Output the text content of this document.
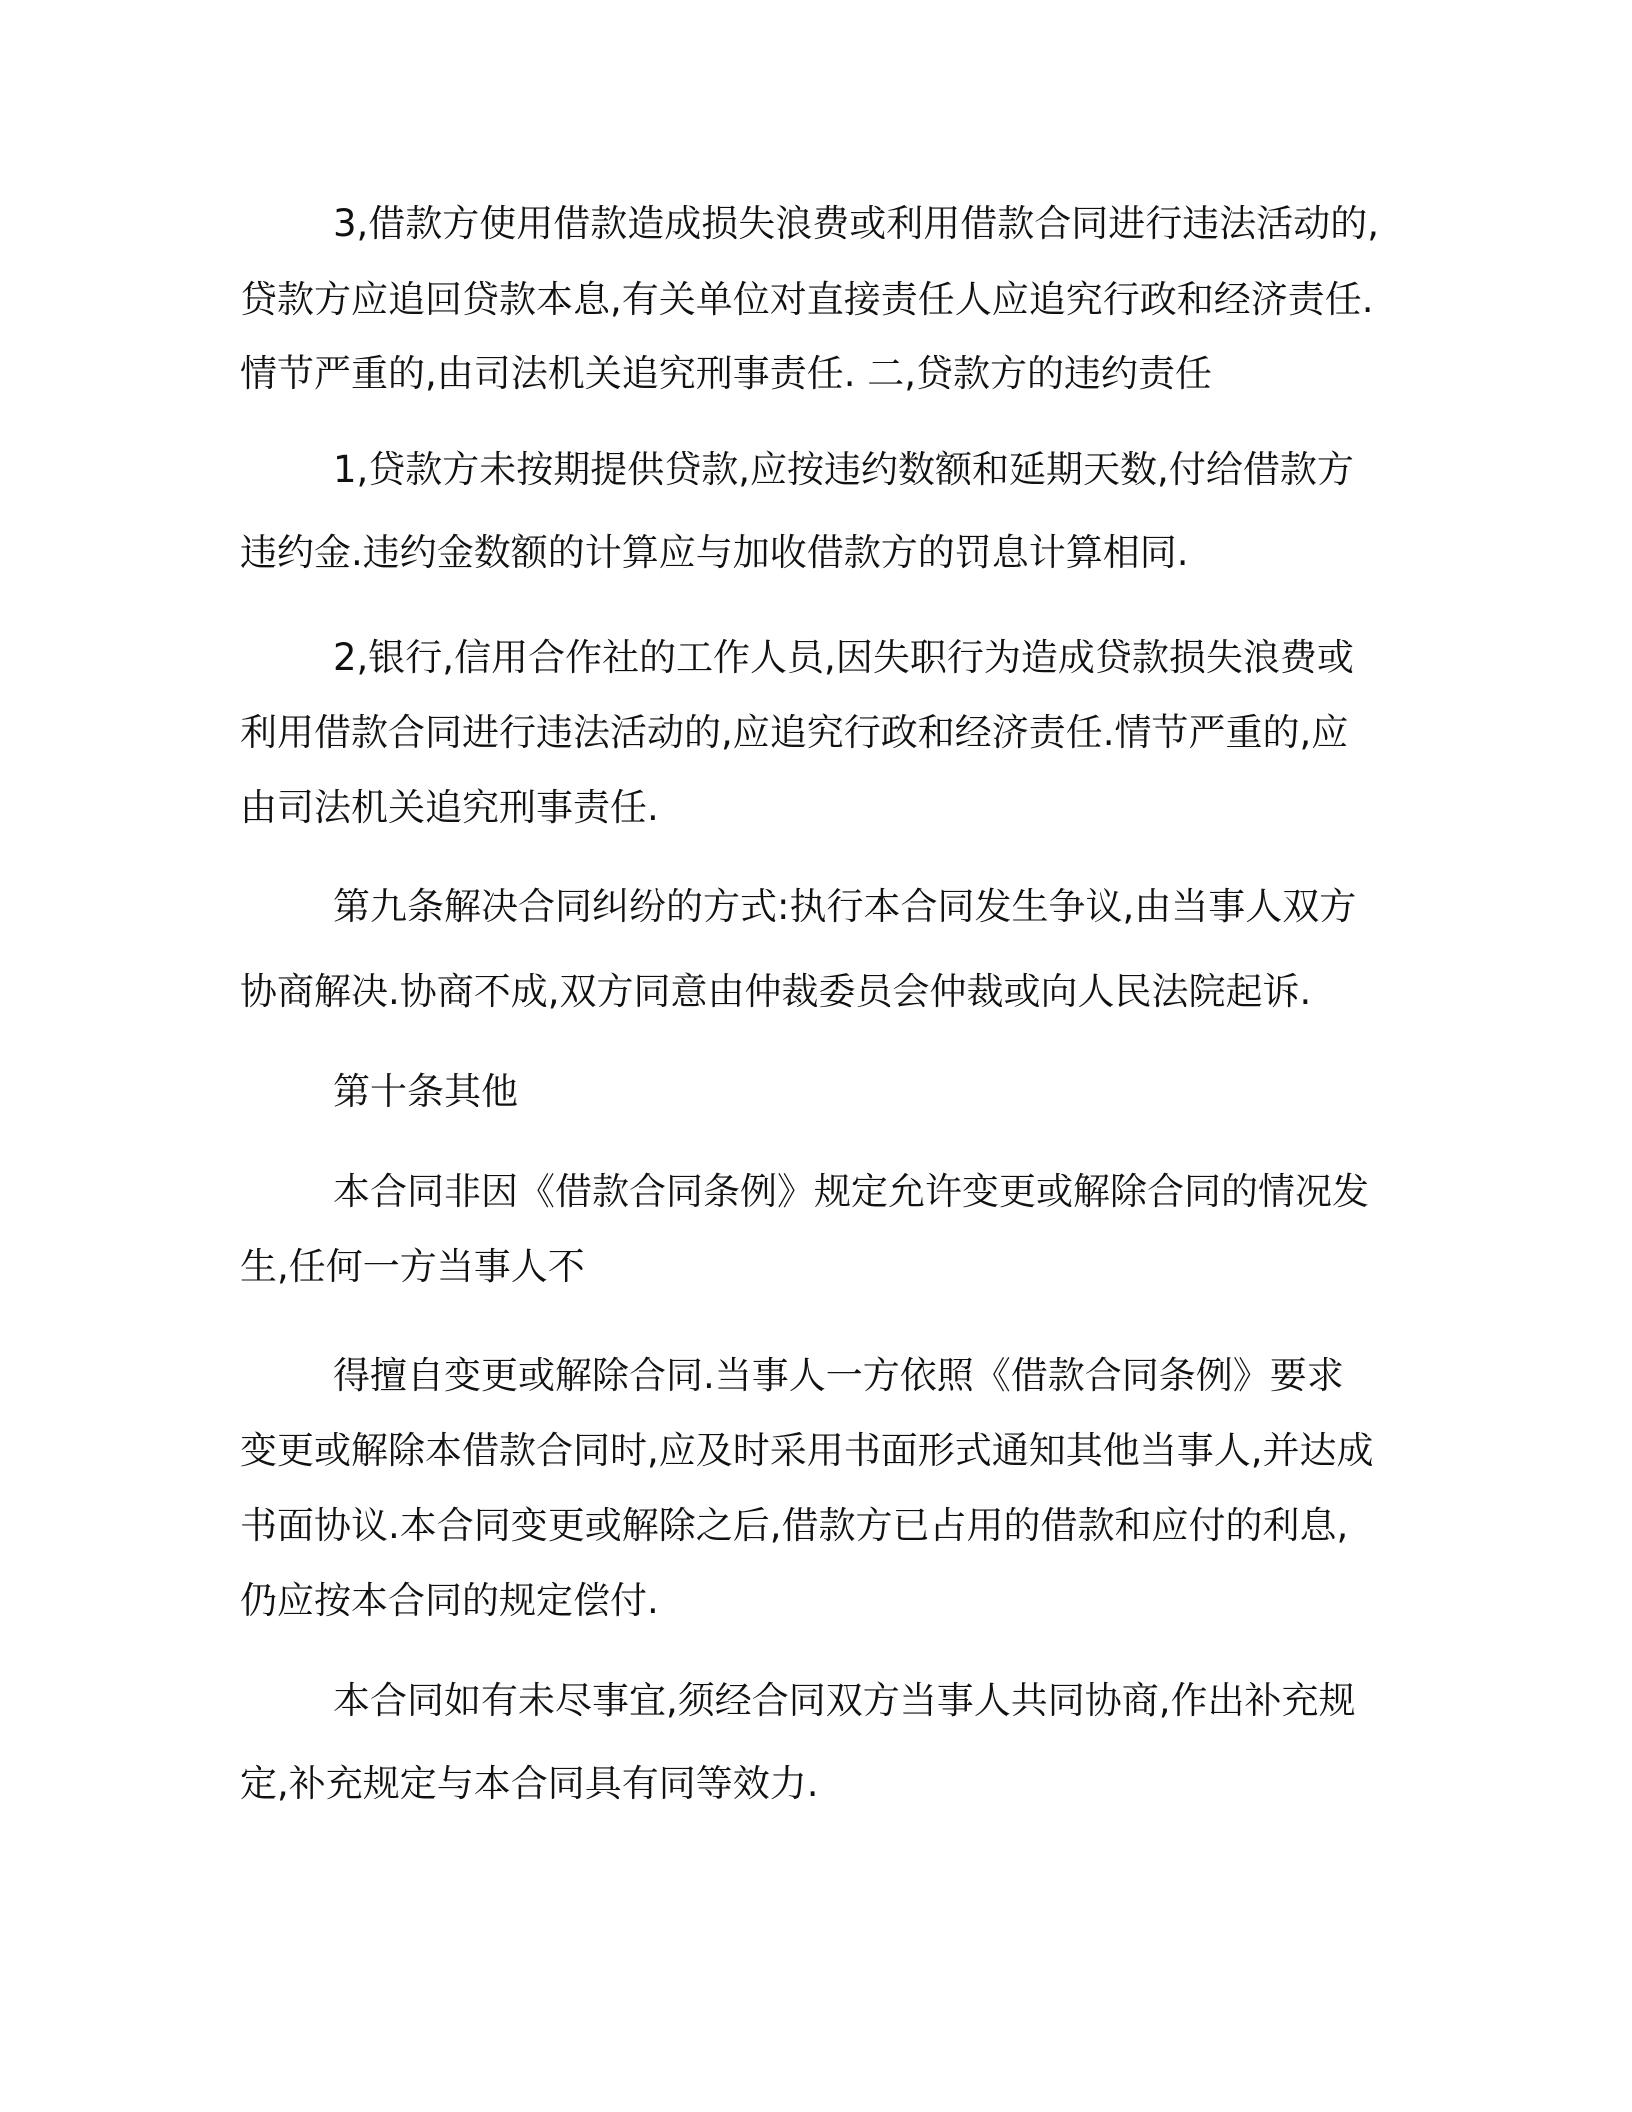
3,借款方使用借款造成损失浪费或利用借款合同进行违法活动的,
贷款方应追回贷款本息,有关单位对直接责任人应追究行政和经济责任.
情节严重的,由司法机关追究刑事责任. 二,贷款方的违约责任
1,贷款方未按期提供贷款,应按违约数额和延期天数,付给借款方
违约金.违约金数额的计算应与加收借款方的罚息计算相同.
2,银行,信用合作社的工作人员,因失职行为造成贷款损失浪费或
利用借款合同进行违法活动的,应追究行政和经济责任.情节严重的,应
由司法机关追究刑事责任.
第九条解决合同纠纷的方式:执行本合同发生争议,由当事人双方
协商解决.协商不成,双方同意由仲裁委员会仲裁或向人民法院起诉.
第十条其他
本合同非因《借款合同条例》规定允许变更或解除合同的情况发
生,任何一方当事人不
得擅自变更或解除合同.当事人一方依照《借款合同条例》要求
变更或解除本借款合同时,应及时采用书面形式通知其他当事人,并达成
书面协议.本合同变更或解除之后,借款方已占用的借款和应付的利息,
仍应按本合同的规定偿付.
本合同如有未尽事宜,须经合同双方当事人共同协商,作出补充规
定,补充规定与本合同具有同等效力.
